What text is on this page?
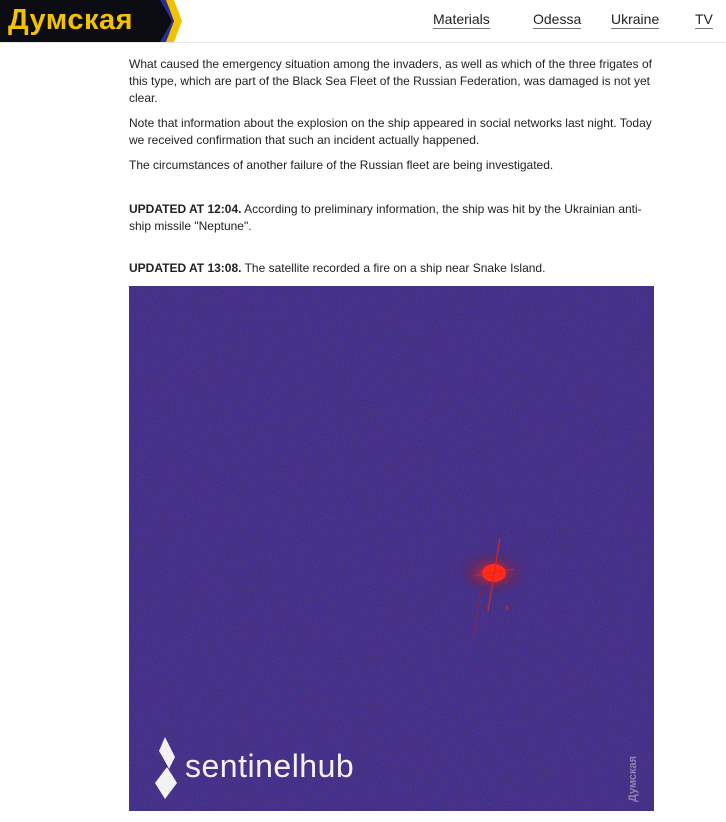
Думская	Materials	Odessa Ukraine	TV

What caused the emergency situation among the invaders, as well as which of the three frigates of this type, which are part of the Black Sea Fleet of the Russian Federation, was damaged is not yet clear.

Note that information about the explosion on the ship appeared in social networks last night. Today we received confirmation that such an incident actually happened.

The circumstances of another failure of the Russian fleet are being investigated.

UPDATED AT 12:04. According to preliminary information, the ship was hit by the Ukrainian anti-ship missile "Neptune".
UPDATED AT 13:08. The satellite recorded a fire on a ship near Snake Island.
sentinelhub	Думская
